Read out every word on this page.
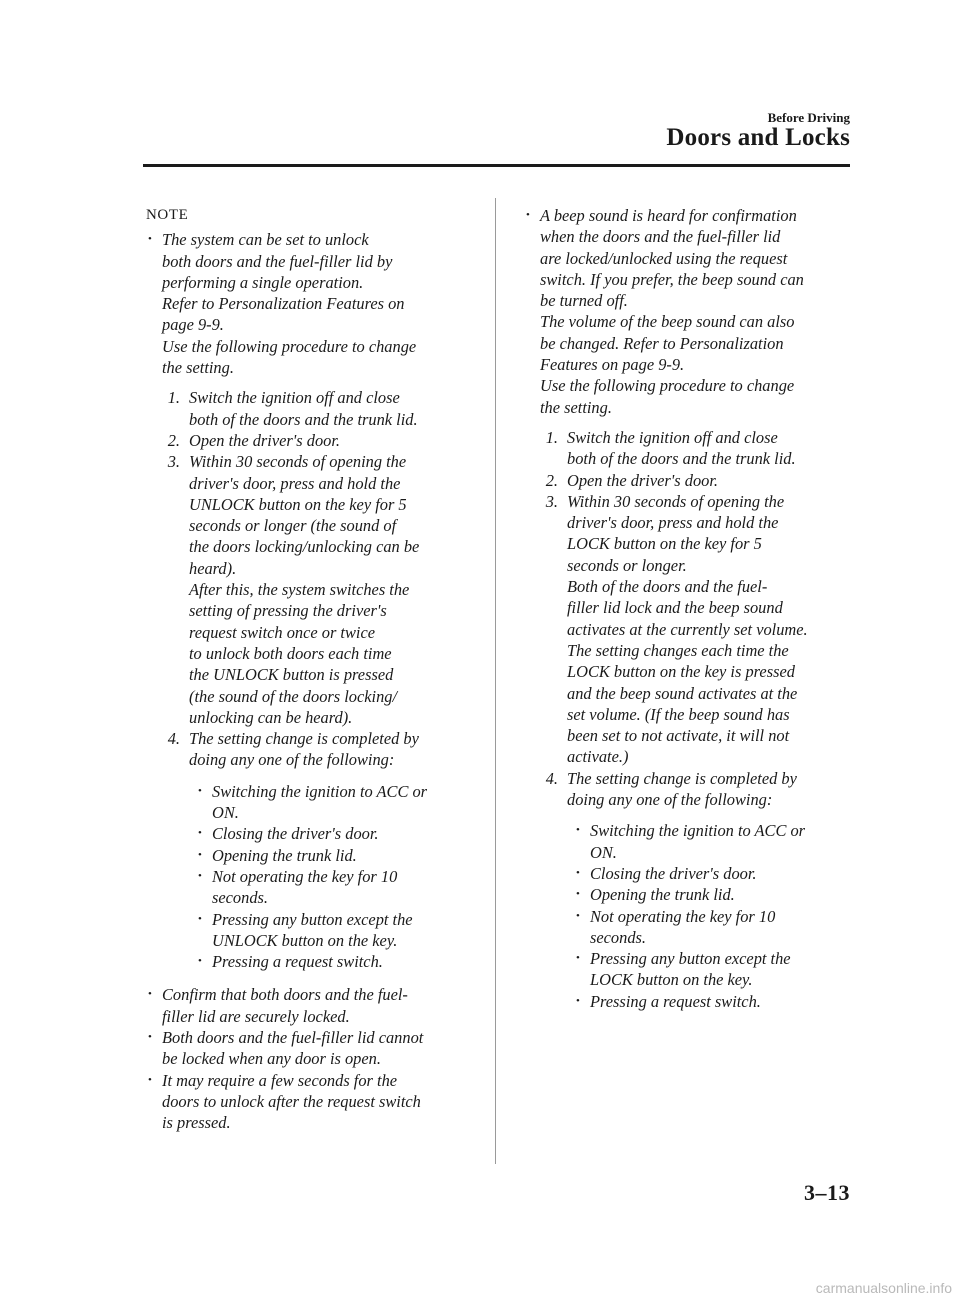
Before Driving
Doors and Locks
NOTE
• The system can be set to unlock
both doors and the fuel-filler lid by
performing a single operation.
Refer to Personalization Features on
page 9-9.
Use the following procedure to change
the setting.
1. Switch the ignition off and close
both of the doors and the trunk lid.
2. Open the driver's door.
3. Within 30 seconds of opening the
driver's door, press and hold the
UNLOCK button on the key for 5
seconds or longer (the sound of
the doors locking/unlocking can be
heard).
After this, the system switches the
setting of pressing the driver's
request switch once or twice
to unlock both doors each time
the UNLOCK button is pressed
(the sound of the doors locking/
unlocking can be heard).
4. The setting change is completed by
doing any one of the following:
• Switching the ignition to ACC or
ON.
• Closing the driver's door.
• Opening the trunk lid.
• Not operating the key for 10
seconds.
• Pressing any button except the
UNLOCK button on the key.
• Pressing a request switch.
• Confirm that both doors and the fuel-
filler lid are securely locked.
• Both doors and the fuel-filler lid cannot
be locked when any door is open.
• It may require a few seconds for the
doors to unlock after the request switch
is pressed.
• A beep sound is heard for confirmation
when the doors and the fuel-filler lid
are locked/unlocked using the request
switch. If you prefer, the beep sound can
be turned off.
The volume of the beep sound can also
be changed. Refer to Personalization
Features on page 9-9.
Use the following procedure to change
the setting.
1. Switch the ignition off and close
both of the doors and the trunk lid.
2. Open the driver's door.
3. Within 30 seconds of opening the
driver's door, press and hold the
LOCK button on the key for 5
seconds or longer.
Both of the doors and the fuel-
filler lid lock and the beep sound
activates at the currently set volume.
The setting changes each time the
LOCK button on the key is pressed
and the beep sound activates at the
set volume. (If the beep sound has
been set to not activate, it will not
activate.)
4. The setting change is completed by
doing any one of the following:
• Switching the ignition to ACC or
ON.
• Closing the driver's door.
• Opening the trunk lid.
• Not operating the key for 10
seconds.
• Pressing any button except the
LOCK button on the key.
• Pressing a request switch.
3–13
carmanualsonline.info
